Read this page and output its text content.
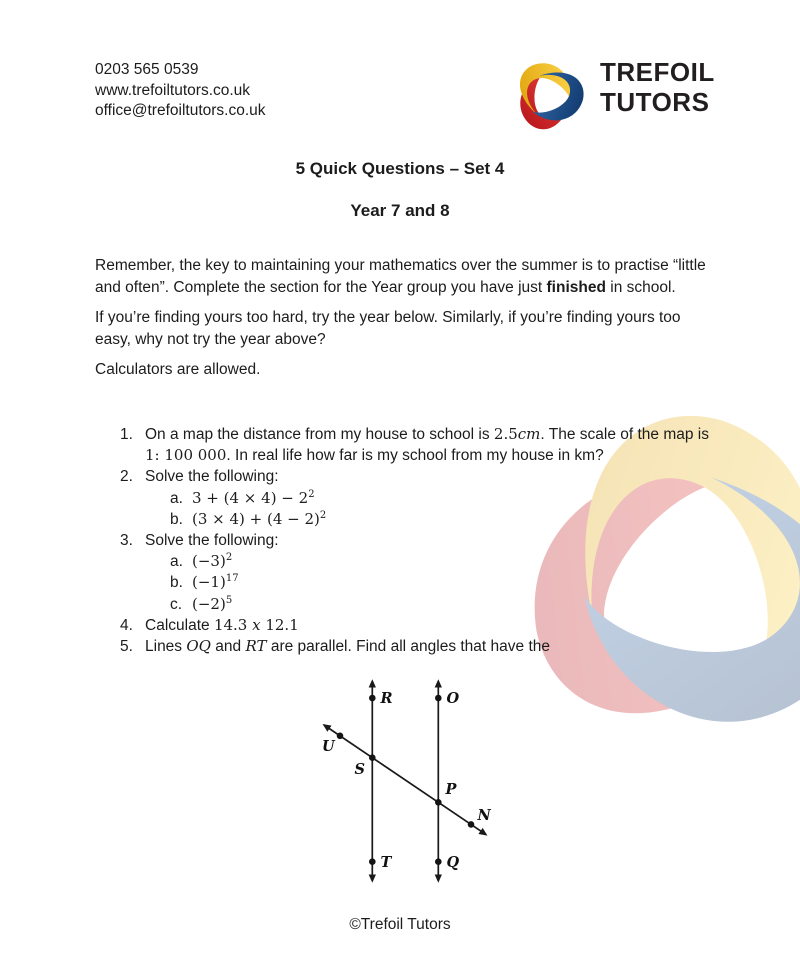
0203 565 0539
www.trefoiltutors.co.uk
office@trefoiltutors.co.uk
TREFOIL
TUTORS
5 Quick Questions – Set 4
Year 7 and 8
Remember, the key to maintaining your mathematics over the summer is to practise “little
and often”. Complete the section for the Year group you have just finished in school.
If you’re finding yours too hard, try the year below. Similarly, if you’re finding yours too
easy, why not try the year above?
Calculators are allowed.
1. On a map the distance from my house to school is 2.5cm. The scale of the map is
1: 100 000. In real life how far is my school from my house in km?
2. Solve the following:
a. $3 + (4 \times 4) - 2^2$
b. $(3 \times 4) + (4 - 2)^2$
3. Solve the following:
a. $(-3)^2$
b. $(-1)^{17}$
c. $(-2)^5$
4. Calculate 14.3 x 12.1
5. Lines OQ and RT are parallel. Find all angles that have the
R	O
U
S
P
N
T	Q
©Trefoil Tutors
